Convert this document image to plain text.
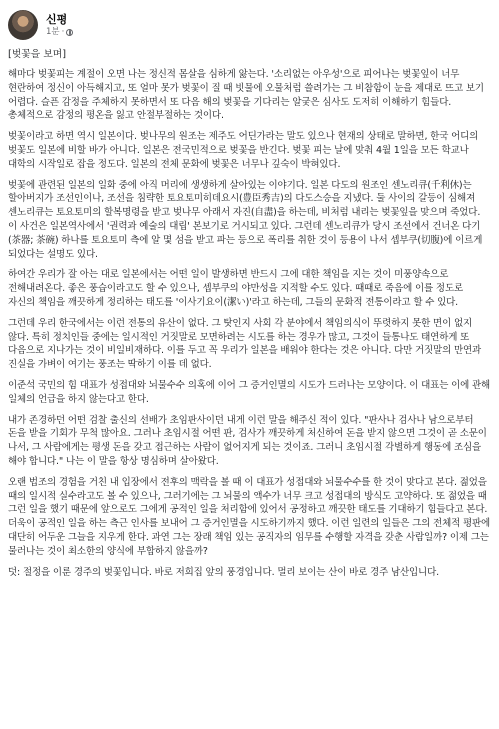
신평
1분 ·
[벚꽃을 보며]

해마다 벚꽃피는 계절이 오면 나는 정신적 몸살을 심하게 앓는다. '소리없는 아우성'으로 피어나는 벚꽃잎이 너무 현란하여 정신이 아득해지고, 또 얼마 못가 벚꽃이 질 때 빗물에 오물처럼 쓸려가는 그 비참함이 눈을 제대로 뜨고 보기 어렵다. 슬픈 감정을 주체하지 못하면서 또 다음 해의 벚꽃을 기다리는 알궂은 심사도 도저히 이해하기 힘들다. 총체적으로 감정의 평온을 잃고 안절부절하는 것이다.

벚꽃이라고 하면 역시 일본이다. 벚나무의 원조는 제주도 어딘가라는 말도 있으나 현재의 상태로 말하면, 한국 어디의 벚꽃도 일본에 비할 바가 아니다. 일본은 전국민적으로 벚꽃을 반긴다. 벚꽃 피는 날에 맞춰 4월 1일을 모든 학교나 대학의 시작일로 잡을 정도다. 일본의 전체 문화에 벚꽃은 너무나 깊숙이 박혀있다.

벚꽃에 관련된 일본의 일화 중에 아직 머리에 생생하게 살아있는 이야기다. 일본 다도의 원조인 센노리큐(千利休)는 할아버지가 조선인이나, 조선을 침략한 토요토미히데요시(豊臣秀吉)의 다도스승을 지냈다. 둘 사이의 갈등이 심해져 센노리큐는 토요토미의 할복명령을 받고 벚나무 아래서 자진(自盡)을 하는데, 비처럼 내리는 벚꽃잎을 맞으며 죽었다. 이 사건은 일본역사에서 '권력과 예술의 대립' 본보기로 거시되고 있다. 그런데 센노리큐가 당시 조선에서 건너온 다기(茶器; 茶碗) 하나를 토요토미 측에 알 몇 섬을 받고 파는 등으로 폭리를 취한 것이 등용이 나서 셉부쿠(切腹)에 이르게 되었다는 설명도 있다.

하여간 우리가 잘 아는 대로 일본에서는 어떤 일이 발생하면 반드시 그에 대한 책임을 지는 것이 미풍양속으로 전해내려온다. 좋은 풍습이라고도 할 수 있으나, 셉부쿠의 야만성을 지적할 수도 있다. 때때로 죽음에 이를 정도로 자신의 책임을 깨끗하게 정리하는 태도를 '이사기요이(潔い)'라고 하는데, 그들의 문화적 전통이라고 할 수 있다.

그런데 우리 한국에서는 이런 전통의 유산이 없다. 그 탓인지 사회 각 분야에서 책임의식이 뚜렷하지 못한 면이 없지 않다. 특히 정치인들 중에는 일시적인 거짓말로 모면하려는 시도를 하는 경우가 많고, 그것이 들통나도 태연하게 또 다음으로 지나가는 것이 비일비재하다. 이를 두고 꼭 우리가 일본을 배워야 한다는 것은 아니다. 다만 거짓말의 만연과 진실을 가벼이 여기는 풍조는 딱하기 이를 데 없다.

이준석 국민의 힘 대표가 성접대와 뇌물수수 의혹에 이어 그 증거인멸의 시도가 드러나는 모양이다. 이 대표는 이에 관해 일체의 언급을 하지 않는다고 한다.

내가 존경하던 어떤 검찰 출신의 선배가 초임판사이던 내게 이런 말을 해주신 적이 있다. "판사나 검사나 남으로부터 돈을 받을 기회가 무척 많아요. 그러나 초임시절 어떤 판, 검사가 깨끗하게 처신하여 돈을 받지 않으면 그것이 곧 소문이 나서, 그 사람에게는 평생 돈을 갖고 접근하는 사람이 없어지게 되는 것이죠. 그러니 초임시절 각별하게 행동에 조심을 해야 합니다." 나는 이 말을 항상 명심하며 살아왔다.

오랜 법조의 경험을 거친 내 입장에서 전후의 맥락을 볼 때 이 대표가 성접대와 뇌물수수를 한 것이 맞다고 본다. 젊었을 때의 일시적 실수라고도 볼 수 있으나, 그러기에는 그 뇌물의 액수가 너무 크고 성접대의 방식도 고약하다. 또 젊었을 때 그런 일을 했기 때문에 앞으로도 그에게 공적인 일을 처리함에 있어서 공정하고 깨끗한 태도를 기대하기 힘들다고 본다. 더욱이 공적인 일을 하는 측근 인사를 보내어 그 증거인멸을 시도하기까지 했다. 이런 일련의 일들은 그의 전체적 평판에 대단히 어두운 그늘을 지우게 한다. 과연 그는 장래 책임 있는 공직자의 임무를 수행할 자격을 갖춘 사람일까? 이제 그는 물러나는 것이 최소한의 양식에 부합하지 않을까?

덧: 절정을 이룬 경주의 벚꽃입니다. 바로 저희집 앞의 풍경입니다. 멀리 보이는 산이 바로 경주 남산입니다.
